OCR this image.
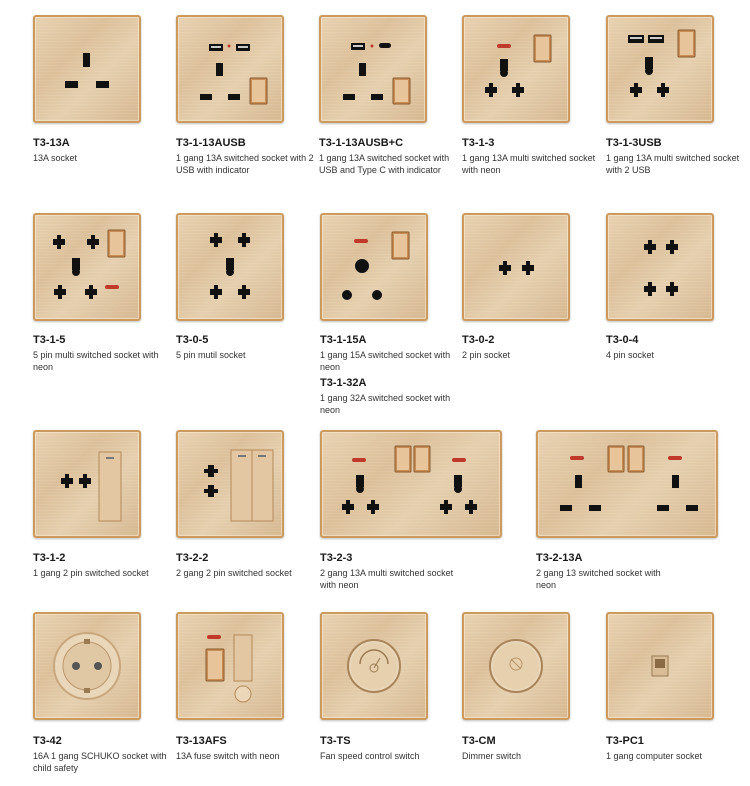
T3-13A
13A socket
T3-1-13AUSB
1 gang 13A switched socket with 2 USB with indicator
T3-1-13AUSB+C
1 gang 13A switched socket with USB and Type C with indicator
T3-1-3
1 gang 13A multi switched socket with neon
T3-1-3USB
1 gang 13A multi switched socket with 2 USB
T3-1-5
5 pin multi switched socket with neon
T3-0-5
5 pin mutil socket
T3-1-15A
1 gang 15A switched socket with neon
T3-1-32A
1 gang 32A switched socket with neon
T3-0-2
2 pin socket
T3-0-4
4 pin socket
T3-1-2
1 gang 2 pin switched socket
T3-2-2
2 gang 2 pin switched socket
T3-2-3
2 gang 13A multi switched socket with neon
T3-2-13A
2 gang 13 switched socket with neon
T3-42
16A 1 gang SCHUKO socket with child safety
T3-13AFS
13A fuse switch with neon
T3-TS
Fan speed control switch
T3-CM
Dimmer switch
T3-PC1
1 gang computer socket
